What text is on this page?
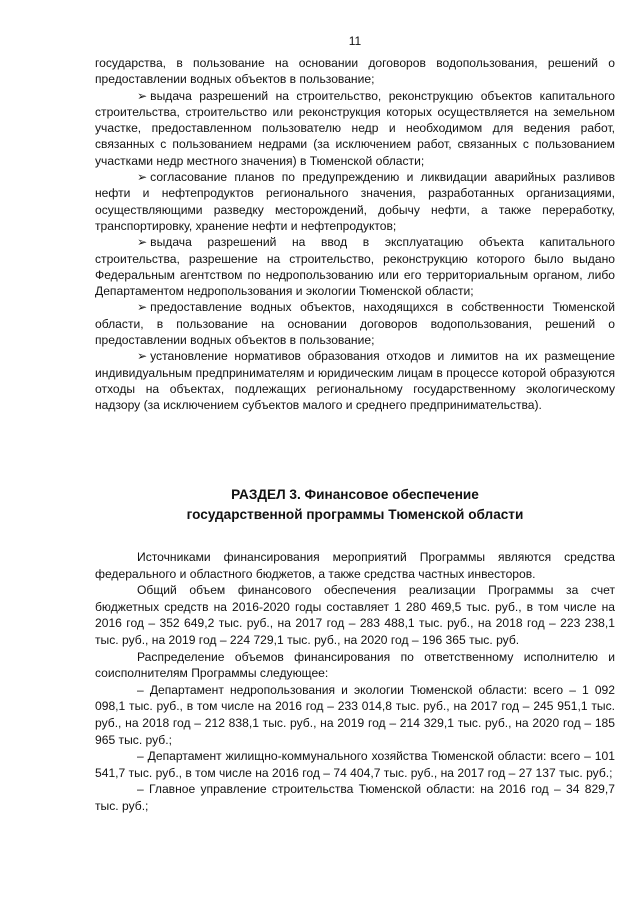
11

государства, в пользование на основании договоров водопользования, решений о предоставлении водных объектов в пользование;

➢ выдача разрешений на строительство, реконструкцию объектов капитального строительства, строительство или реконструкция которых осуществляется на земельном участке, предоставленном пользователю недр и необходимом для ведения работ, связанных с пользованием недрами (за исключением работ, связанных с пользованием участками недр местного значения) в Тюменской области;

➢ согласование планов по предупреждению и ликвидации аварийных разливов нефти и нефтепродуктов регионального значения, разработанных организациями, осуществляющими разведку месторождений, добычу нефти, а также переработку, транспортировку, хранение нефти и нефтепродуктов;

➢ выдача разрешений на ввод в эксплуатацию объекта капитального строительства, разрешение на строительство, реконструкцию которого было выдано Федеральным агентством по недропользованию или его территориальным органом, либо Департаментом недропользования и экологии Тюменской области;

➢ предоставление водных объектов, находящихся в собственности Тюменской области, в пользование на основании договоров водопользования, решений о предоставлении водных объектов в пользование;

➢ установление нормативов образования отходов и лимитов на их размещение индивидуальным предпринимателям и юридическим лицам в процессе которой образуются отходы на объектах, подлежащих региональному государственному экологическому надзору (за исключением субъектов малого и среднего предпринимательства).

РАЗДЕЛ 3. Финансовое обеспечение
государственной программы Тюменской области

Источниками финансирования мероприятий Программы являются средства федерального и областного бюджетов, а также средства частных инвесторов.

Общий объем финансового обеспечения реализации Программы за счет бюджетных средств на 2016-2020 годы составляет 1 280 469,5 тыс. руб., в том числе на 2016 год – 352 649,2 тыс. руб., на 2017 год – 283 488,1 тыс. руб., на 2018 год – 223 238,1 тыс. руб., на 2019 год – 224 729,1 тыс. руб., на 2020 год – 196 365 тыс. руб.

Распределение объемов финансирования по ответственному исполнителю и соисполнителям Программы следующее:

– Департамент недропользования и экологии Тюменской области: всего – 1 092 098,1 тыс. руб., в том числе на 2016 год – 233 014,8 тыс. руб., на 2017 год – 245 951,1 тыс. руб., на 2018 год – 212 838,1 тыс. руб., на 2019 год – 214 329,1 тыс. руб., на 2020 год – 185 965 тыс. руб.;

– Департамент жилищно-коммунального хозяйства Тюменской области: всего – 101 541,7 тыс. руб., в том числе на 2016 год – 74 404,7 тыс. руб., на 2017 год – 27 137 тыс. руб.;

– Главное управление строительства Тюменской области: на 2016 год – 34 829,7 тыс. руб.;
